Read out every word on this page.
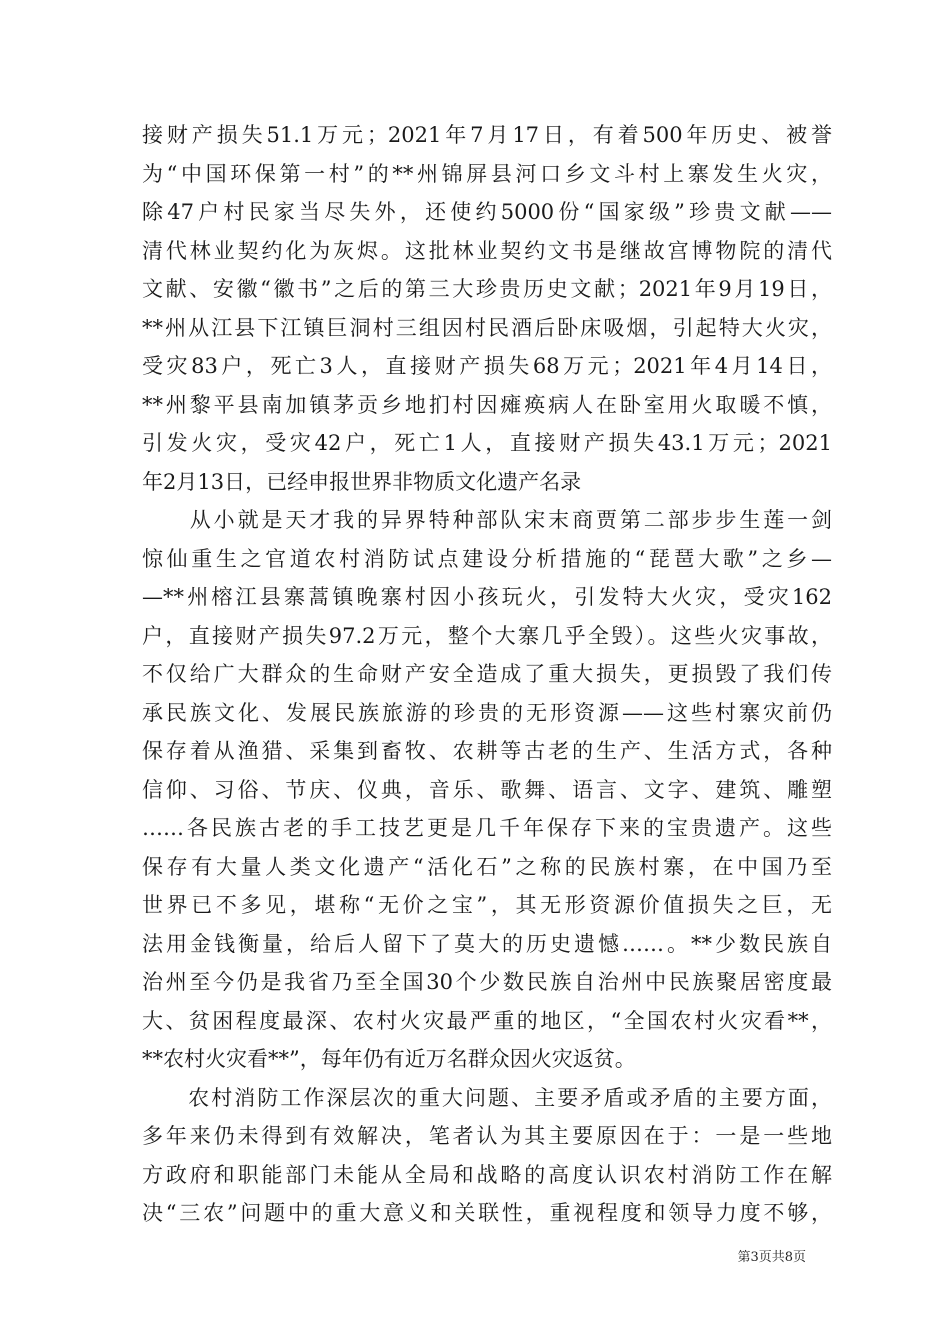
接财产损失51.1万元；2021年7月17日，有着500年历史、被誉
为“中国环保第一村”的**州锦屏县河口乡文斗村上寨发生火灾，
除47户村民家当尽失外，还使约5000份“国家级”珍贵文献——
清代林业契约化为灰烬。这批林业契约文书是继故宫博物院的清代
文献、安徽“徽书”之后的第三大珍贵历史文献；2021年9月19日，
**州从江县下江镇巨洞村三组因村民酒后卧床吸烟，引起特大火灾，
受灾83户，死亡3人，直接财产损失68万元；2021年4月14日，
**州黎平县南加镇茅贡乡地扪村因瘫痪病人在卧室用火取暖不慎，
引发火灾，受灾42户，死亡1人，直接财产损失43.1万元；2021
年2月13日，已经申报世界非物质文化遗产名录
　　从小就是天才我的异界特种部队宋末商贾第二部步步生莲一剑
惊仙重生之官道农村消防试点建设分析措施的“琵琶大歌”之乡—
—**州榕江县寨蒿镇晚寨村因小孩玩火，引发特大火灾，受灾162
户，直接财产损失97.2万元，整个大寨几乎全毁）。这些火灾事故，
不仅给广大群众的生命财产安全造成了重大损失，更损毁了我们传
承民族文化、发展民族旅游的珍贵的无形资源——这些村寨灾前仍
保存着从渔猎、采集到畜牧、农耕等古老的生产、生活方式，各种
信仰、习俗、节庆、仪典，音乐、歌舞、语言、文字、建筑、雕塑
……各民族古老的手工技艺更是几千年保存下来的宝贵遗产。这些
保存有大量人类文化遗产“活化石”之称的民族村寨，在中国乃至
世界已不多见，堪称“无价之宝”，其无形资源价值损失之巨，无
法用金钱衡量，给后人留下了莫大的历史遗憾……。**少数民族自
治州至今仍是我省乃至全国30个少数民族自治州中民族聚居密度最
大、贫困程度最深、农村火灾最严重的地区，“全国农村火灾看**，
**农村火灾看**”，每年仍有近万名群众因火灾返贫。
　　农村消防工作深层次的重大问题、主要矛盾或矛盾的主要方面，
多年来仍未得到有效解决，笔者认为其主要原因在于：一是一些地
方政府和职能部门未能从全局和战略的高度认识农村消防工作在解
决“三农”问题中的重大意义和关联性，重视程度和领导力度不够，
第3页共8页
